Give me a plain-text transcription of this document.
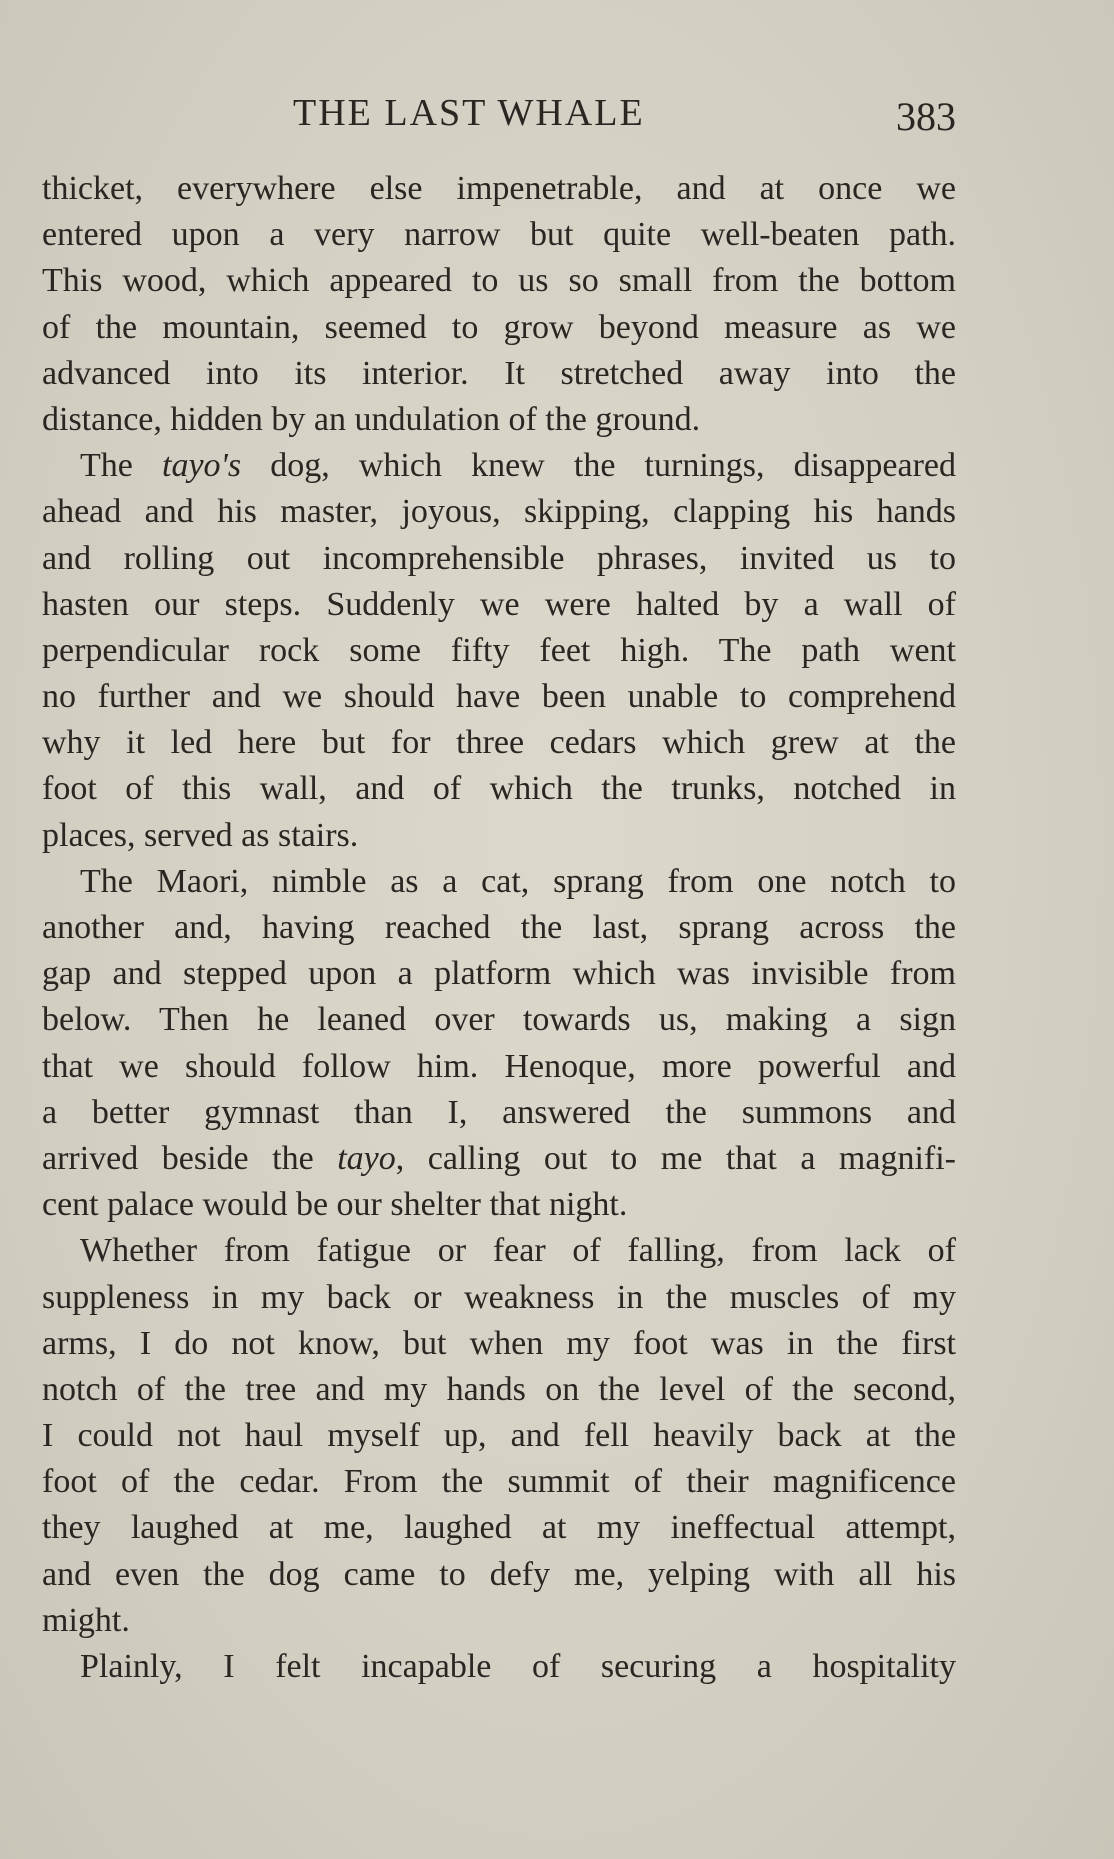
THE LAST WHALE	383
thicket, everywhere else impenetrable, and at once we
entered upon a very narrow but quite well-beaten path.
This wood, which appeared to us so small from the bottom
of the mountain, seemed to grow beyond measure as we
advanced into its interior. It stretched away into the
distance, hidden by an undulation of the ground.
The tayo's dog, which knew the turnings, disappeared
ahead and his master, joyous, skipping, clapping his hands
and rolling out incomprehensible phrases, invited us to
hasten our steps. Suddenly we were halted by a wall of
perpendicular rock some fifty feet high. The path went
no further and we should have been unable to comprehend
why it led here but for three cedars which grew at the
foot of this wall, and of which the trunks, notched in
places, served as stairs.
The Maori, nimble as a cat, sprang from one notch to
another and, having reached the last, sprang across the
gap and stepped upon a platform which was invisible from
below. Then he leaned over towards us, making a sign
that we should follow him. Henoque, more powerful and
a better gymnast than I, answered the summons and
arrived beside the tayo, calling out to me that a magnifi-
cent palace would be our shelter that night.
Whether from fatigue or fear of falling, from lack of
suppleness in my back or weakness in the muscles of my
arms, I do not know, but when my foot was in the first
notch of the tree and my hands on the level of the second,
I could not haul myself up, and fell heavily back at the
foot of the cedar. From the summit of their magnificence
they laughed at me, laughed at my ineffectual attempt,
and even the dog came to defy me, yelping with all his
might.
Plainly, I felt incapable of securing a hospitality
